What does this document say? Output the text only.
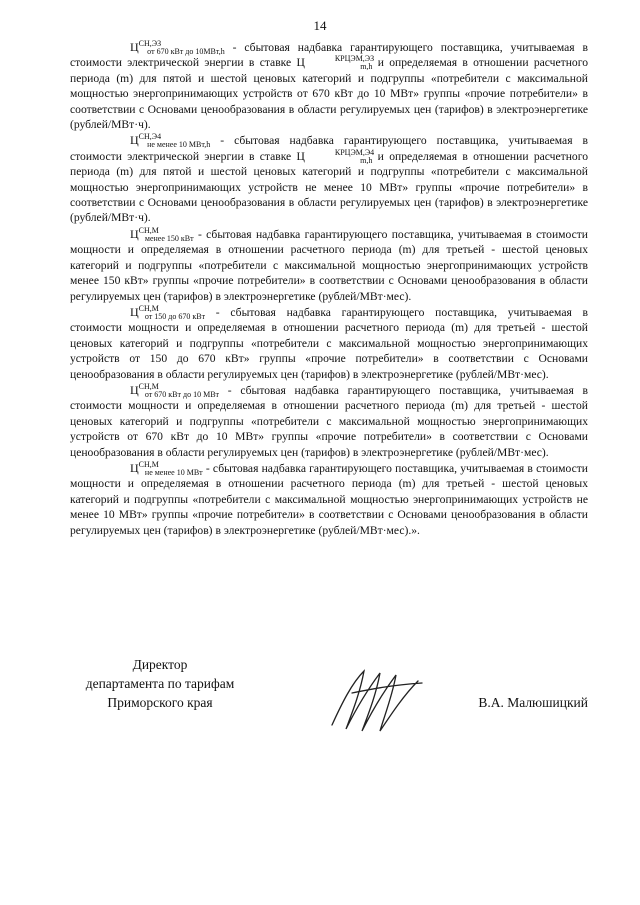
14

$Ц^{СН,ЭЗ}_{от 670 кВт до 10МВт,h}$ - сбытовая надбавка гарантирующего поставщика, учитываемая в стоимости электрической энергии в ставке Ц	$^{КРЦЭМ,ЭЗ}_{m,h}$ и определяемая в отношении расчетного периода (m) для пятой и шестой ценовых категорий и подгруппы «потребители с максимальной мощностью энергопринимающих устройств от 670 кВт до 10 МВт» группы «прочие потребители» в соответствии с Основами ценообразования в области регулируемых цен (тарифов) в электроэнергетике (рублей/МВт·ч).

$Ц^{СН,Э4}_{не менее 10 МВт,h}$ - сбытовая надбавка гарантирующего поставщика, учитываемая в стоимости электрической энергии в ставке Ц	$^{КРЦЭМ,Э4}_{m,h}$ и определяемая в отношении расчетного периода (m) для пятой и шестой ценовых категорий и подгруппы «потребители с максимальной мощностью энергопринимающих устройств не менее 10 МВт» группы «прочие потребители» в соответствии с Основами ценообразования в области регулируемых цен (тарифов) в электроэнергетике (рублей/МВт·ч).

$Ц^{СН,М}_{менее 150 кВт}$ - сбытовая надбавка гарантирующего поставщика, учитываемая в стоимости мощности и определяемая в отношении расчетного периода (m) для третьей - шестой ценовых категорий и подгруппы «потребители с максимальной мощностью энергопринимающих устройств менее 150 кВт» группы «прочие потребители» в соответствии с Основами ценообразования в области регулируемых цен (тарифов) в электроэнергетике (рублей/МВт·мес).

$Ц^{СН,М}_{от 150 до 670 кВт}$ - сбытовая надбавка гарантирующего поставщика, учитываемая в стоимости мощности и определяемая в отношении расчетного периода (m) для третьей - шестой ценовых категорий и подгруппы «потребители с максимальной мощностью энергопринимающих устройств от 150 до 670 кВт» группы «прочие потребители» в соответствии с Основами ценообразования в области регулируемых цен (тарифов) в электроэнергетике (рублей/МВт·мес).

$Ц^{СН,М}_{от 670 кВт до 10 МВт}$ - сбытовая надбавка гарантирующего поставщика, учитываемая в стоимости мощности и определяемая в отношении расчетного периода (m) для третьей - шестой ценовых категорий и подгруппы «потребители с максимальной мощностью энергопринимающих устройств от 670 кВт до 10 МВт» группы «прочие потребители» в соответствии с Основами ценообразования в области регулируемых цен (тарифов) в электроэнергетике (рублей/МВт·мес).

$Ц^{СН,М}_{не менее 10 МВт}$ - сбытовая надбавка гарантирующего поставщика, учитываемая в стоимости мощности и определяемая в отношении расчетного периода (m) для третьей - шестой ценовых категорий и подгруппы «потребители с максимальной мощностью энергопринимающих устройств не менее 10 МВт» группы «прочие потребители» в соответствии с Основами ценообразования в области регулируемых цен (тарифов) в электроэнергетике (рублей/МВт·мес).».

Директор
департамента по тарифам
Приморского края	В.А. Малюшицкий
